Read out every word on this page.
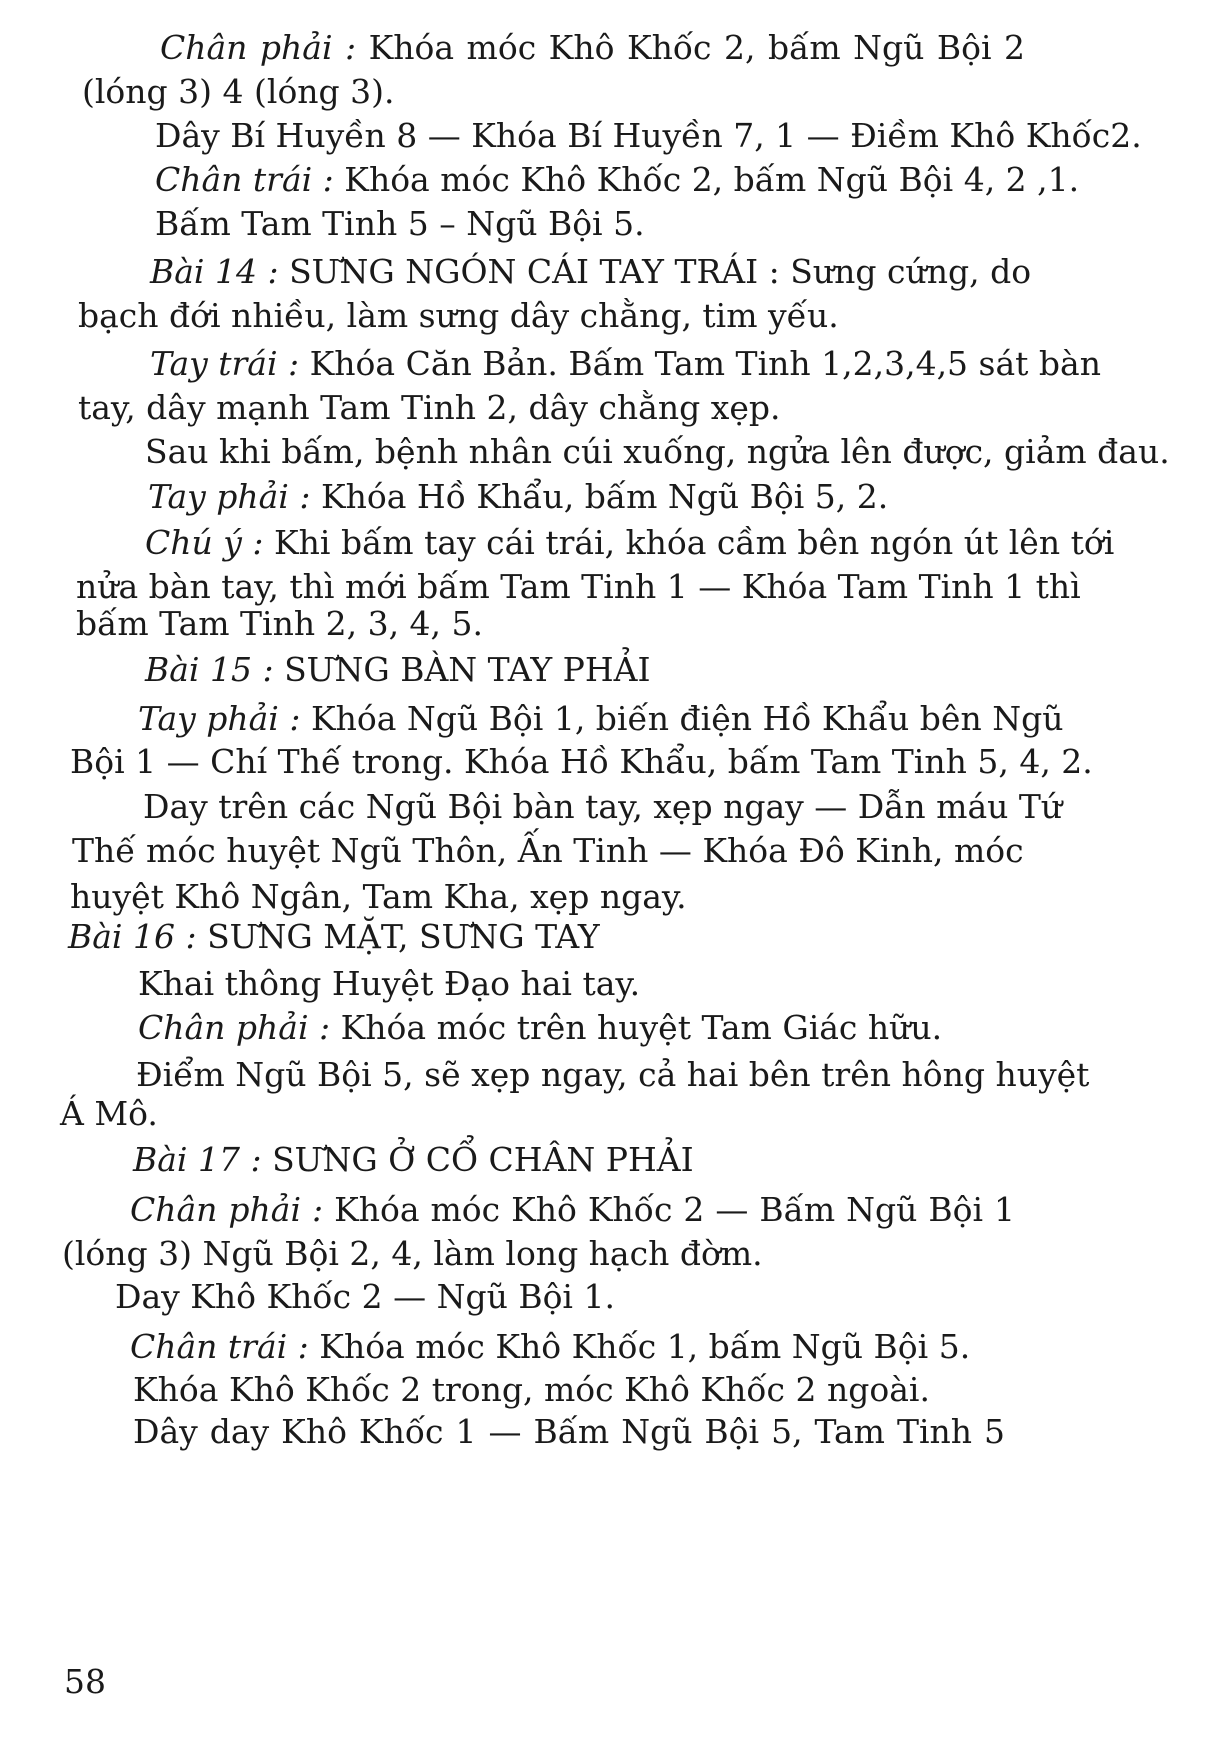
Chân phải : Khóa móc Khô Khốc 2, bấm Ngũ Bội 2
(lóng 3) 4 (lóng 3).
Dây Bí Huyền 8 — Khóa Bí Huyền 7, 1 — Điềm Khô Khốc2.
Chân trái : Khóa móc Khô Khốc 2, bấm Ngũ Bội 4, 2 ,1.
Bấm Tam Tinh 5 – Ngũ Bội 5.
Bài 14 : SƯNG NGÓN CÁI TAY TRÁI : Sưng cứng, do
bạch đới nhiều, làm sưng dây chằng, tim yếu.
Tay trái : Khóa Căn Bản. Bấm Tam Tinh 1,2,3,4,5 sát bàn
tay, dây mạnh Tam Tinh 2, dây chằng xẹp.
Sau khi bấm, bệnh nhân cúi xuống, ngửa lên được, giảm đau.
Tay phải : Khóa Hồ Khẩu, bấm Ngũ Bội 5, 2.
Chú ý : Khi bấm tay cái trái, khóa cầm bên ngón út lên tới
nửa bàn tay, thì mới bấm Tam Tinh 1 — Khóa Tam Tinh 1 thì
bấm Tam Tinh 2, 3, 4, 5.
Bài 15 : SƯNG BÀN TAY PHẢI
Tay phải : Khóa Ngũ Bội 1, biến điện Hồ Khẩu bên Ngũ
Bội 1 — Chí Thế trong. Khóa Hồ Khẩu, bấm Tam Tinh 5, 4, 2.
Day trên các Ngũ Bội bàn tay, xẹp ngay — Dẫn máu Tứ
Thế móc huyệt Ngũ Thôn, Ấn Tinh — Khóa Đô Kinh, móc
huyệt Khô Ngân, Tam Kha, xẹp ngay.
Bài 16 : SƯNG MẶT, SƯNG TAY
Khai thông Huyệt Đạo hai tay.
Chân phải : Khóa móc trên huyệt Tam Giác hữu.
Điểm Ngũ Bội 5, sẽ xẹp ngay, cả hai bên trên hông huyệt
Á Mô.
Bài 17 : SƯNG Ở CỔ CHÂN PHẢI
Chân phải : Khóa móc Khô Khốc 2 — Bấm Ngũ Bội 1
(lóng 3) Ngũ Bội 2, 4, làm long hạch đờm.
Day Khô Khốc 2 — Ngũ Bội 1.
Chân trái : Khóa móc Khô Khốc 1, bấm Ngũ Bội 5.
Khóa Khô Khốc 2 trong, móc Khô Khốc 2 ngoài.
Dây day Khô Khốc 1 — Bấm Ngũ Bội 5, Tam Tinh 5
58
